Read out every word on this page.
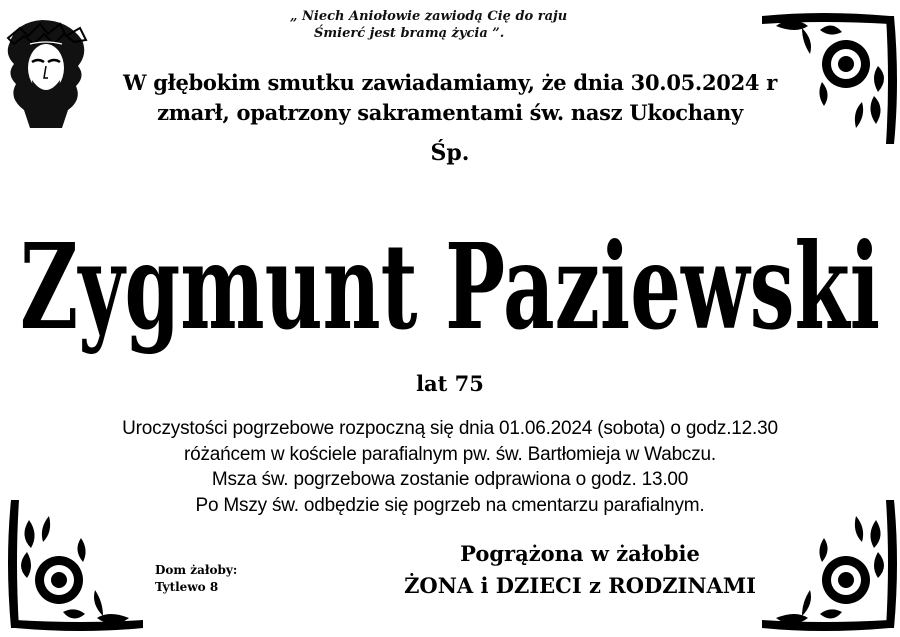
„ Niech Aniołowie zawiodą Cię do raju
Śmierć jest bramą życia ”.
W głębokim smutku zawiadamiamy, że dnia 30.05.2024 r
zmarł, opatrzony sakramentami św. nasz Ukochany
Śp.
Zygmunt Paziewski
lat 75
Uroczystości pogrzebowe rozpoczną się dnia 01.06.2024 (sobota) o godz.12.30
różańcem w kościele parafialnym pw. św. Bartłomieja w Wabczu.
Msza św. pogrzebowa zostanie odprawiona o godz. 13.00
Po Mszy św. odbędzie się pogrzeb na cmentarzu parafialnym.
Dom żałoby:
Tytlewo 8
Pogrążona w żałobie
ŻONA i DZIECI z RODZINAMI
